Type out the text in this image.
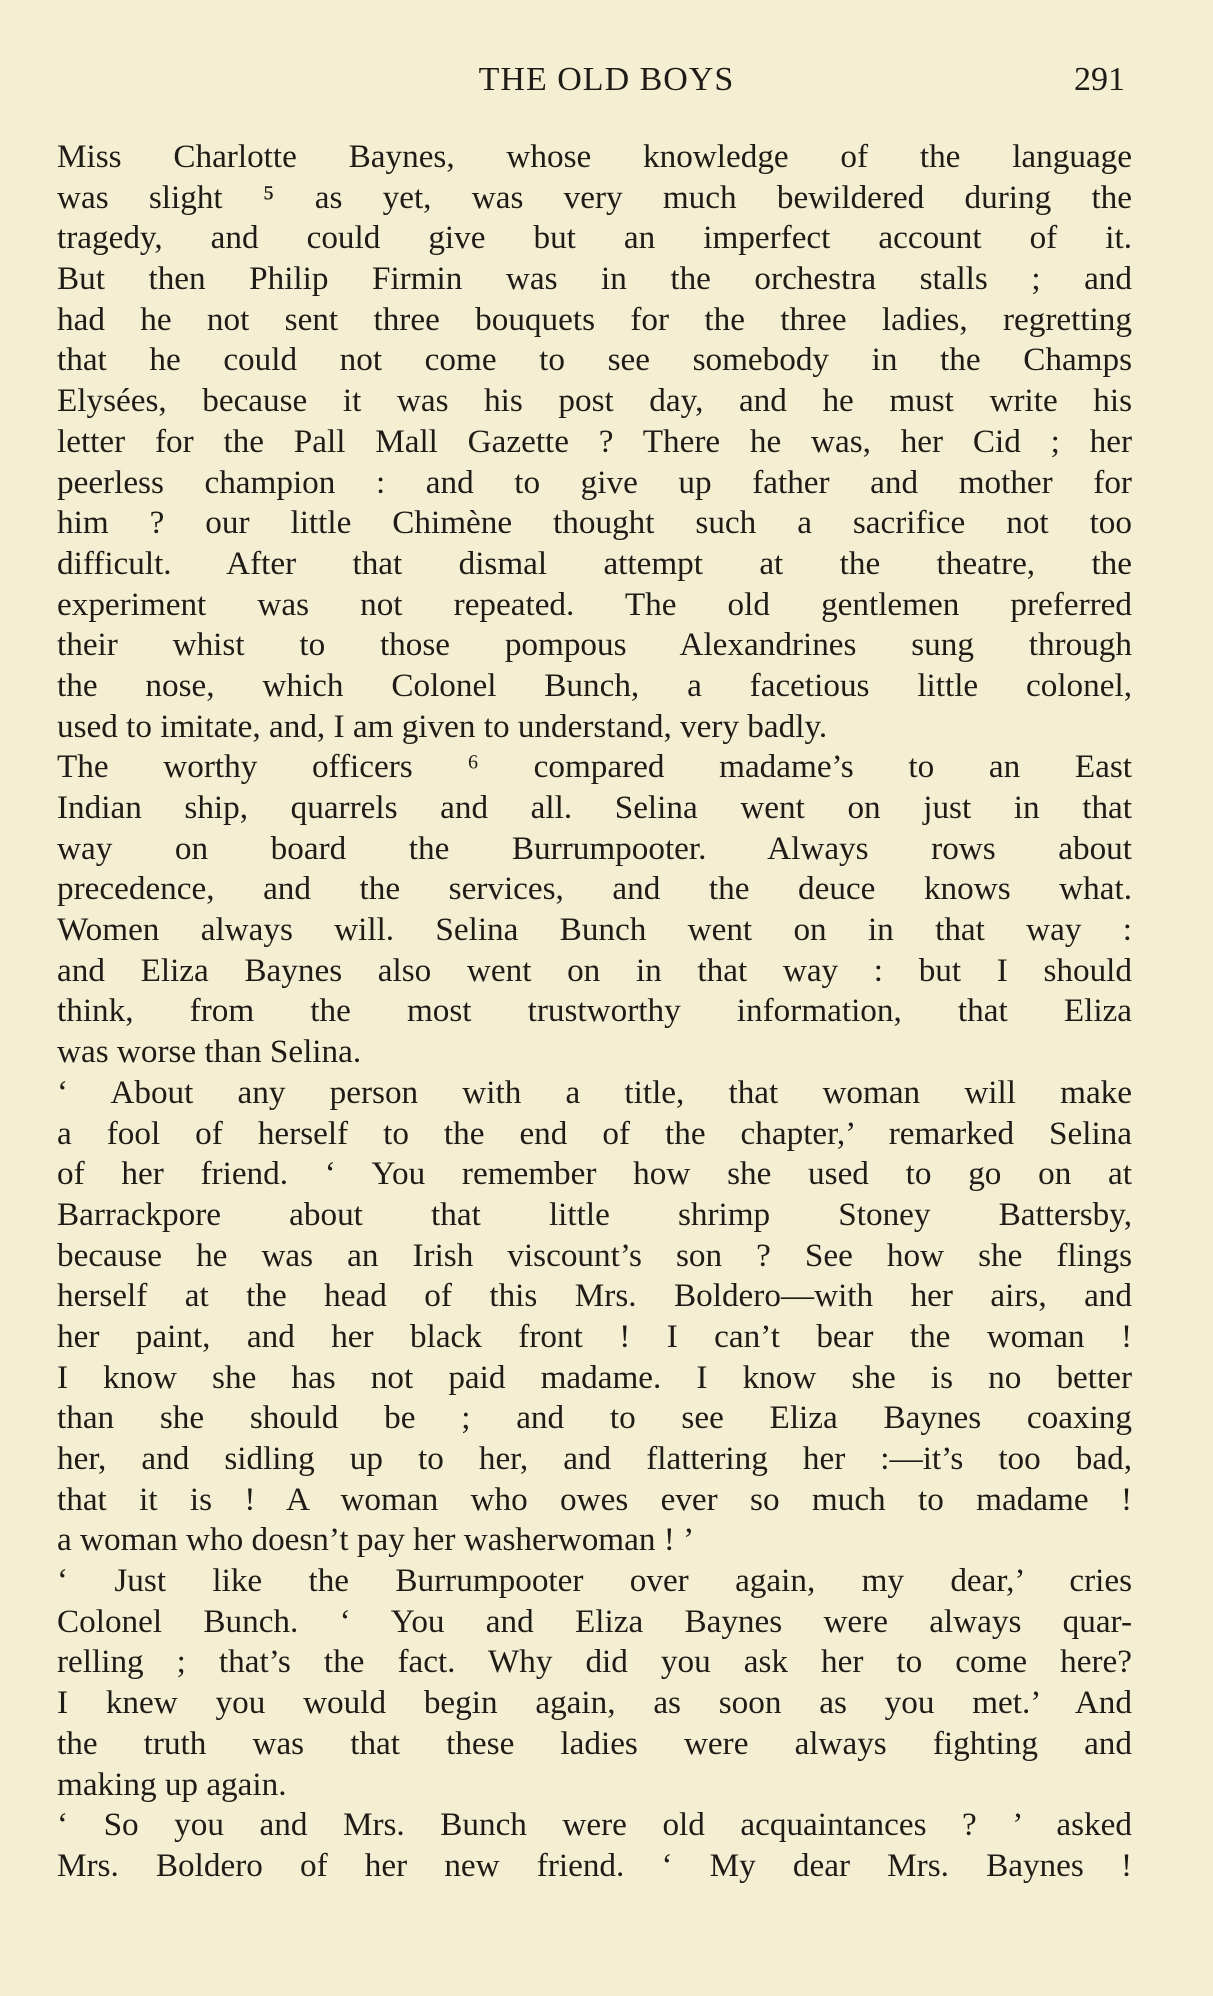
THE OLD BOYS	291
Miss Charlotte Baynes, whose knowledge of the language
was slight ⁵ as yet, was very much bewildered during the
tragedy, and could give but an imperfect account of it.
But then Philip Firmin was in the orchestra stalls ; and
had he not sent three bouquets for the three ladies, regretting
that he could not come to see somebody in the Champs
Elysées, because it was his post day, and he must write his
letter for the Pall Mall Gazette ? There he was, her Cid ; her
peerless champion : and to give up father and mother for
him ? our little Chimène thought such a sacrifice not too
difficult. After that dismal attempt at the theatre, the
experiment was not repeated. The old gentlemen preferred
their whist to those pompous Alexandrines sung through
the nose, which Colonel Bunch, a facetious little colonel,
used to imitate, and, I am given to understand, very badly.
The worthy officers ⁶ compared madame’s to an East
Indian ship, quarrels and all. Selina went on just in that
way on board the Burrumpooter. Always rows about
precedence, and the services, and the deuce knows what.
Women always will. Selina Bunch went on in that way :
and Eliza Baynes also went on in that way : but I should
think, from the most trustworthy information, that Eliza
was worse than Selina.
‘ About any person with a title, that woman will make
a fool of herself to the end of the chapter,’ remarked Selina
of her friend. ‘ You remember how she used to go on at
Barrackpore about that little shrimp Stoney Battersby,
because he was an Irish viscount’s son ? See how she flings
herself at the head of this Mrs. Boldero—with her airs, and
her paint, and her black front ! I can’t bear the woman !
I know she has not paid madame. I know she is no better
than she should be ; and to see Eliza Baynes coaxing
her, and sidling up to her, and flattering her :—it’s too bad,
that it is ! A woman who owes ever so much to madame !
a woman who doesn’t pay her washerwoman ! ’
‘ Just like the Burrumpooter over again, my dear,’ cries
Colonel Bunch. ‘ You and Eliza Baynes were always quar-
relling ; that’s the fact. Why did you ask her to come here?
I knew you would begin again, as soon as you met.’ And
the truth was that these ladies were always fighting and
making up again.
‘ So you and Mrs. Bunch were old acquaintances ? ’ asked
Mrs. Boldero of her new friend. ‘ My dear Mrs. Baynes !
